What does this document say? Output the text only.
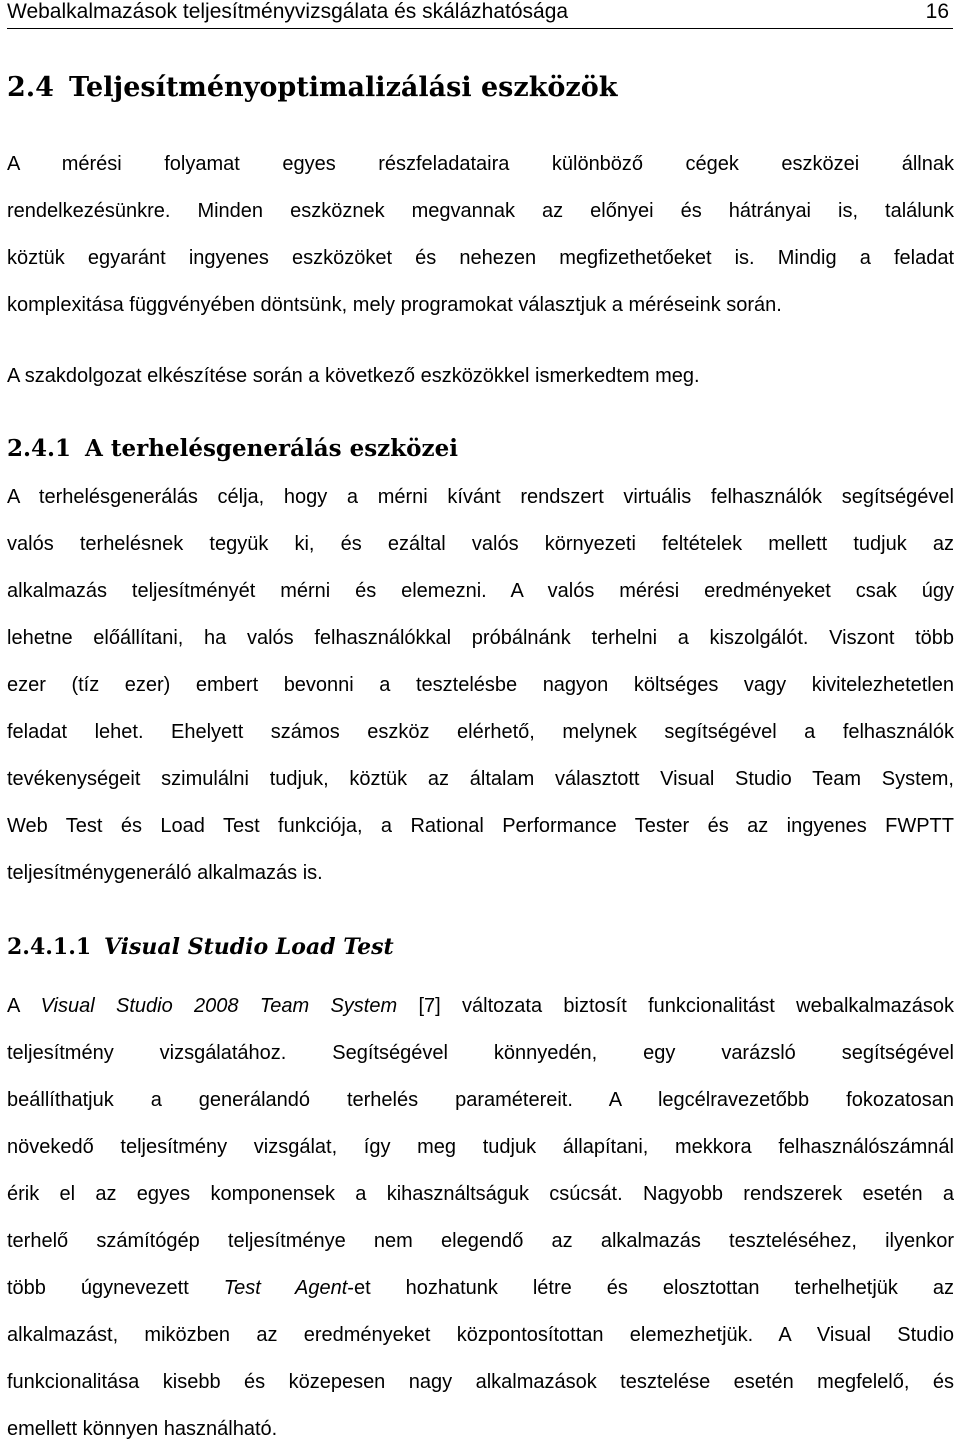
Webalkalmazások teljesítményvizsgálata és skálázhatósága	16
2.4 Teljesítményoptimalizálási eszközök

A mérési folyamat egyes részfeladataira különböző cégek eszközei állnak
rendelkezésünkre. Minden eszköznek megvannak az előnyei és hátrányai is, találunk
köztük egyaránt ingyenes eszközöket és nehezen megfizethetőeket is. Mindig a feladat
komplexitása függvényében döntsünk, mely programokat választjuk a méréseink során.

A szakdolgozat elkészítése során a következő eszközökkel ismerkedtem meg.

2.4.1 A terhelésgenerálás eszközei

A terhelésgenerálás célja, hogy a mérni kívánt rendszert virtuális felhasználók segítségével
valós terhelésnek tegyük ki, és ezáltal valós környezeti feltételek mellett tudjuk az
alkalmazás teljesítményét mérni és elemezni. A valós mérési eredményeket csak úgy
lehetne előállítani, ha valós felhasználókkal próbálnánk terhelni a kiszolgálót. Viszont több
ezer (tíz ezer) embert bevonni a tesztelésbe nagyon költséges vagy kivitelezhetetlen
feladat lehet. Ehelyett számos eszköz elérhető, melynek segítségével a felhasználók
tevékenységeit szimulálni tudjuk, köztük az általam választott Visual Studio Team System,
Web Test és Load Test funkciója, a Rational Performance Tester és az ingyenes FWPTT
teljesítménygeneráló alkalmazás is.

2.4.1.1 Visual Studio Load Test

A Visual Studio 2008 Team System [7] változata biztosít funkcionalitást webalkalmazások
teljesítmény vizsgálatához. Segítségével könnyedén, egy varázsló segítségével
beállíthatjuk a generálandó terhelés paramétereit. A legcélravezetőbb fokozatosan
növekedő teljesítmény vizsgálat, így meg tudjuk állapítani, mekkora felhasználószámnál
érik el az egyes komponensek a kihasználtságuk csúcsát. Nagyobb rendszerek esetén a
terhelő számítógép teljesítménye nem elegendő az alkalmazás teszteléséhez, ilyenkor
több úgynevezett Test Agent-et hozhatunk létre és elosztottan terhelhetjük az
alkalmazást, miközben az eredményeket központosítottan elemezhetjük. A Visual Studio
funkcionalitása kisebb és közepesen nagy alkalmazások tesztelése esetén megfelelő, és
emellett könnyen használható.
